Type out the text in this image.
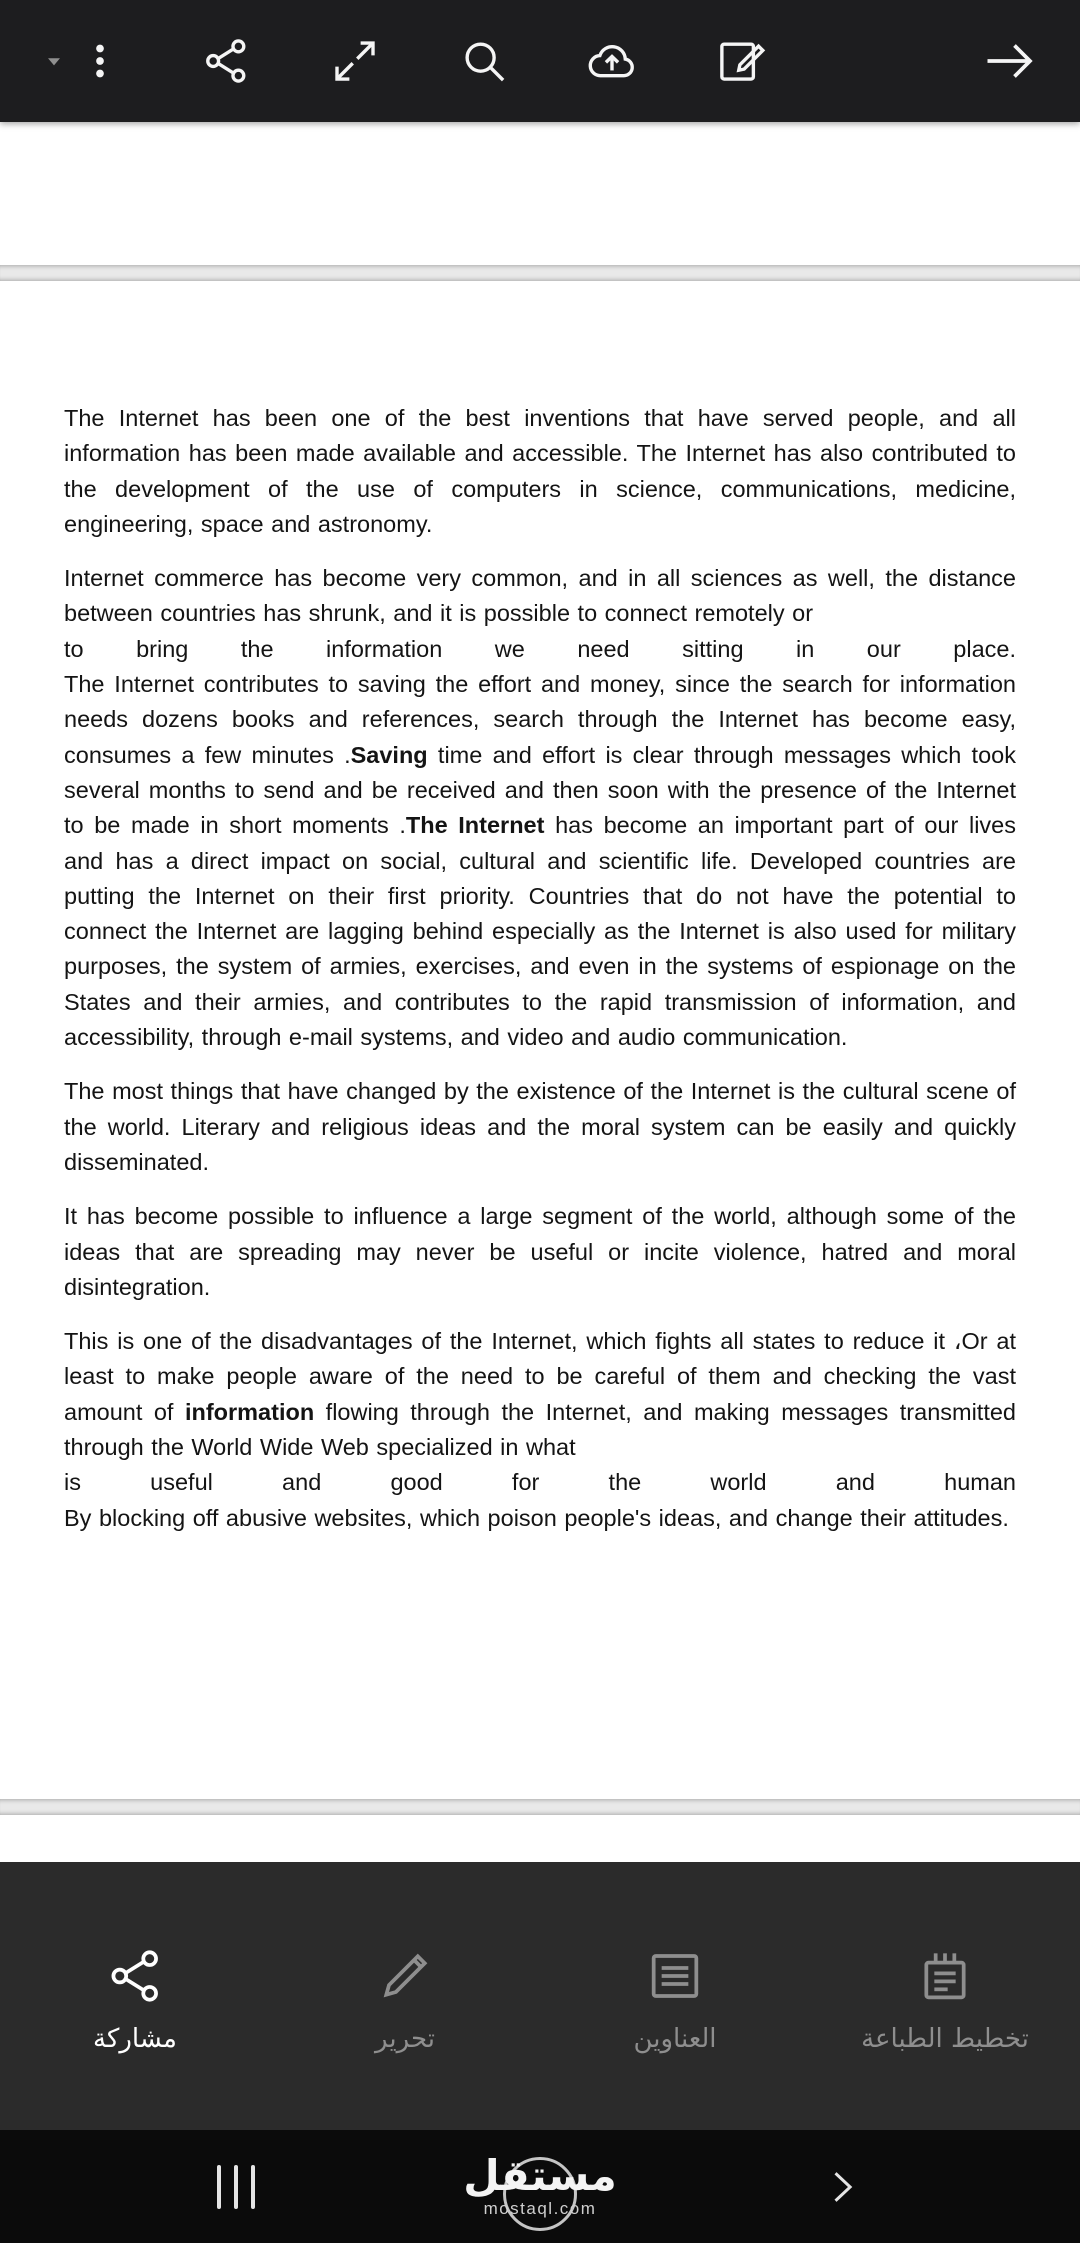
The Internet has been one of the best inventions that have served people, and all information has been made available and accessible. The Internet has also contributed to the development of the use of computers in science, communications, medicine, engineering, space and astronomy.

Internet commerce has become very common, and in all sciences as well, the distance between countries has shrunk, and it is possible to connect remotely or
to bring the information we need sitting in our place.
The Internet contributes to saving the effort and money, since the search for information needs dozens books and references, search through the Internet has become easy, consumes a few minutes .Saving time and effort is clear through messages which took several months to send and be received and then soon with the presence of the Internet to be made in short moments .The Internet has become an important part of our lives and has a direct impact on social, cultural and scientific life. Developed countries are putting the Internet on their first priority. Countries that do not have the potential to connect the Internet are lagging behind especially as the Internet is also used for military purposes, the system of armies, exercises, and even in the systems of espionage on the States and their armies, and contributes to the rapid transmission of information, and accessibility, through e-mail systems, and video and audio communication.

The most things that have changed by the existence of the Internet is the cultural scene of the world. Literary and religious ideas and the moral system can be easily and quickly disseminated.

It has become possible to influence a large segment of the world, although some of the ideas that are spreading may never be useful or incite violence, hatred and moral disintegration.

This is one of the disadvantages of the Internet, which fights all states to reduce it ،Or at least to make people aware of the need to be careful of them and checking the vast amount of information flowing through the Internet, and making messages transmitted through the World Wide Web specialized in what
is useful and good for the world and human
By blocking off abusive websites, which poison people's ideas, and change their attitudes.

مشاركة	تحرير	العناوين	تخطيط الطباعة
مستقل
mostaql.com
